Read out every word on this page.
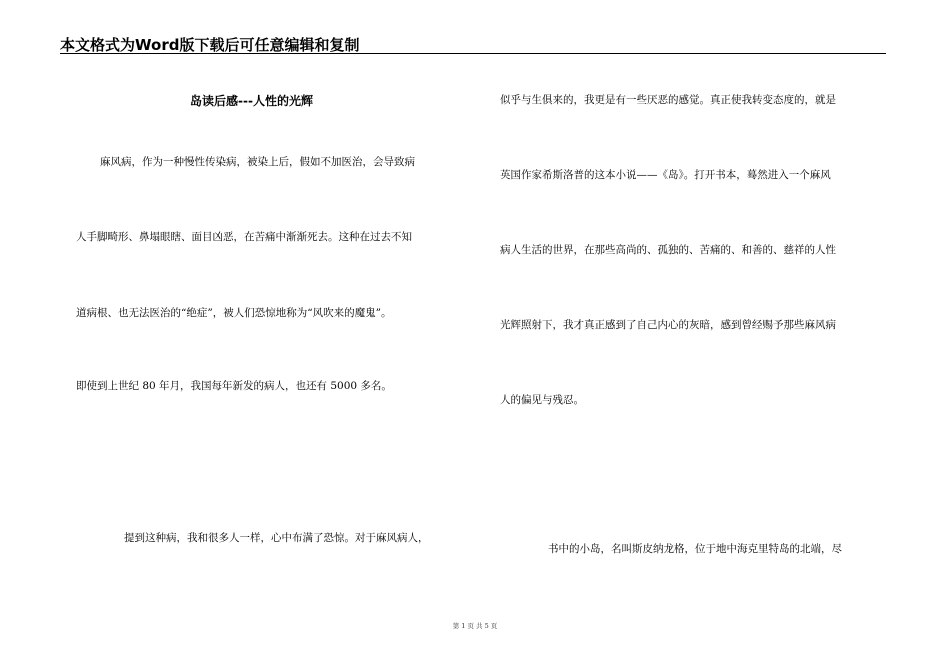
本文格式为Word版下载后可任意编辑和复制
岛读后感---人性的光辉
麻风病，作为一种慢性传染病，被染上后，假如不加医治，会导致病
人手脚畸形、鼻塌眼瞎、面目凶恶，在苦痛中渐渐死去。这种在过去不知
道病根、也无法医治的“绝症”，被人们恐惊地称为“风吹来的魔鬼”。
即使到上世纪 80 年月，我国每年新发的病人，也还有 5000 多名。
提到这种病，我和很多人一样，心中布满了恐惊。对于麻风病人，
似乎与生俱来的，我更是有一些厌恶的感觉。真正使我转变态度的，就是
英国作家希斯洛普的这本小说——《岛》。打开书本，蓦然进入一个麻风
病人生活的世界，在那些高尚的、孤独的、苦痛的、和善的、慈祥的人性
光辉照射下，我才真正感到了自己内心的灰暗，感到曾经赐予那些麻风病
人的偏见与残忍。
书中的小岛，名叫斯皮纳龙格，位于地中海克里特岛的北端，尽
第 1 页 共 5 页
